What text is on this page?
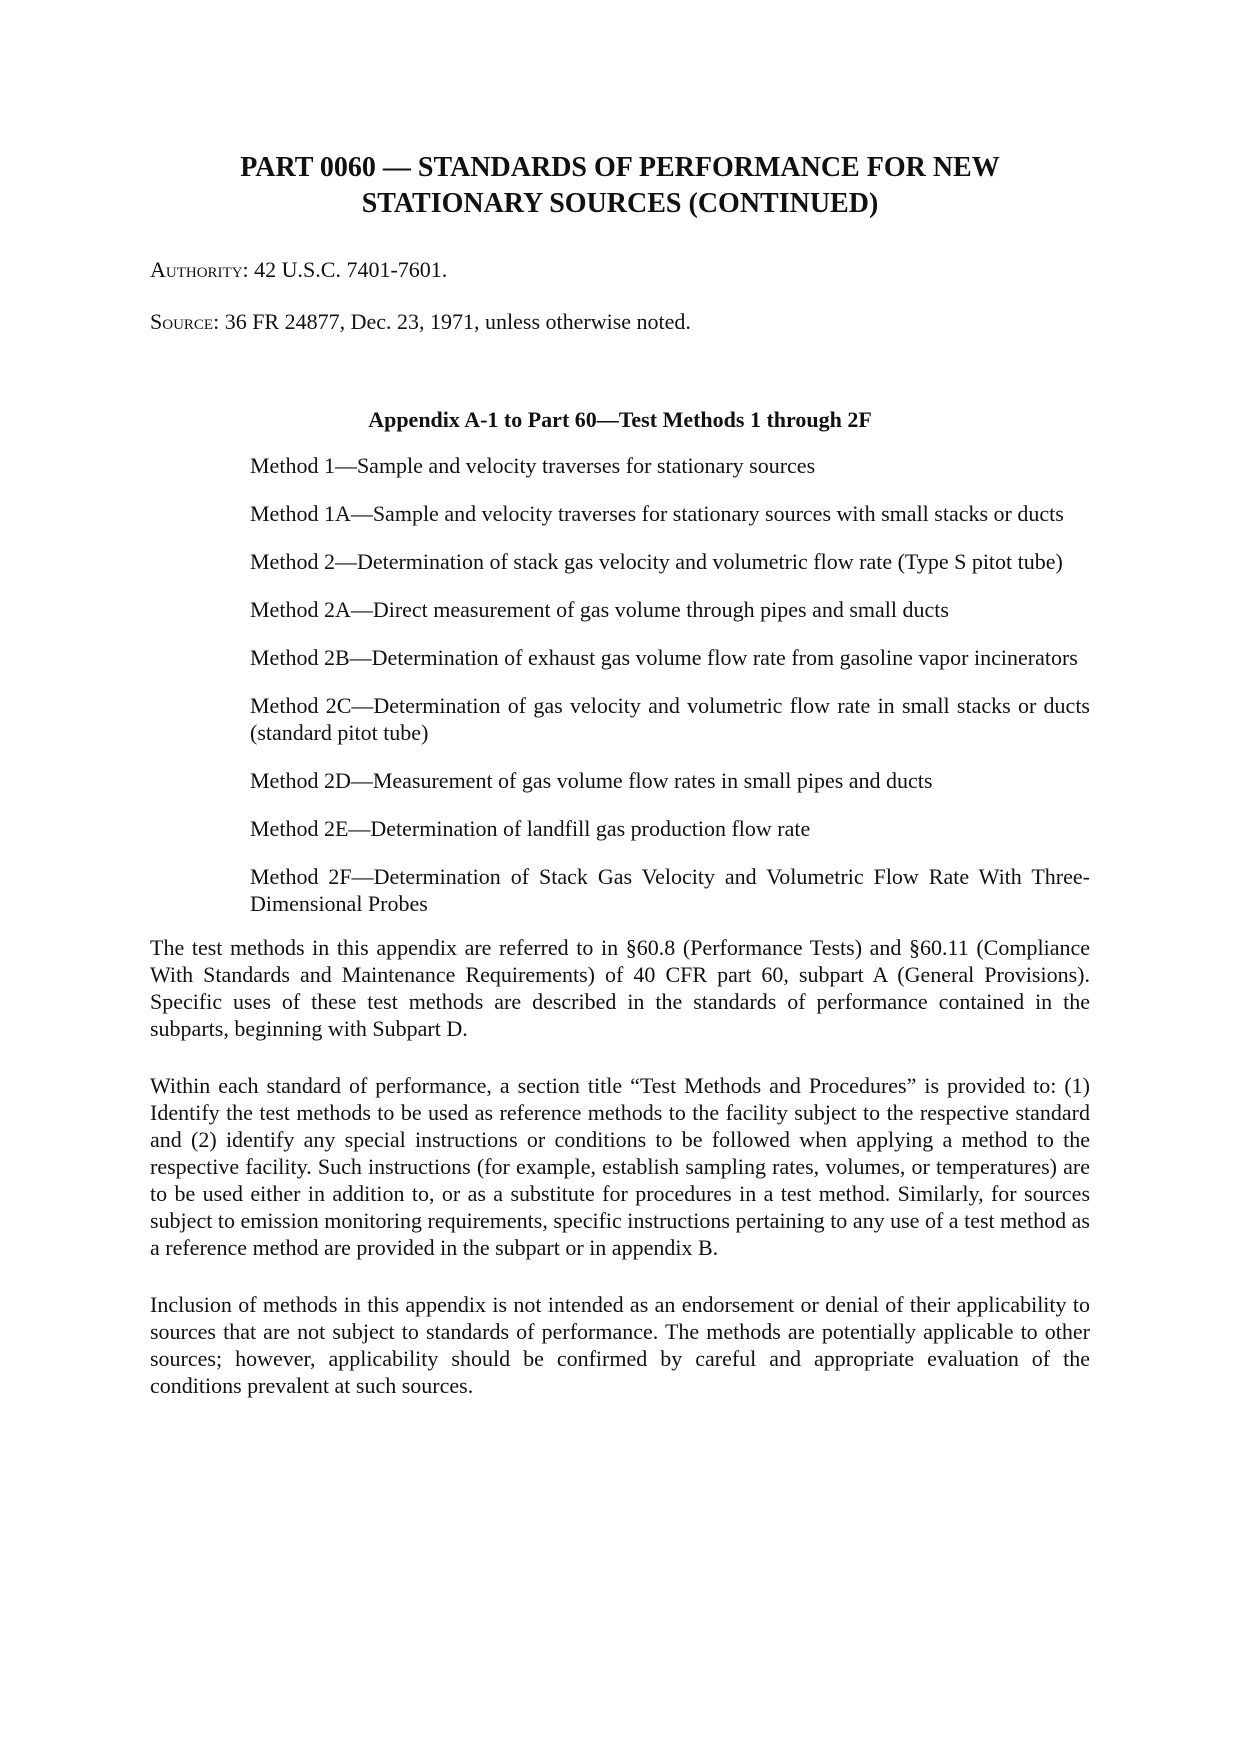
PART 0060 — STANDARDS OF PERFORMANCE FOR NEW STATIONARY SOURCES (CONTINUED)

Authority: 42 U.S.C. 7401-7601.

Source: 36 FR 24877, Dec. 23, 1971, unless otherwise noted.

Appendix A-1 to Part 60—Test Methods 1 through 2F
Method 1—Sample and velocity traverses for stationary sources
Method 1A—Sample and velocity traverses for stationary sources with small stacks or ducts
Method 2—Determination of stack gas velocity and volumetric flow rate (Type S pitot tube)
Method 2A—Direct measurement of gas volume through pipes and small ducts
Method 2B—Determination of exhaust gas volume flow rate from gasoline vapor incinerators
Method 2C—Determination of gas velocity and volumetric flow rate in small stacks or ducts (standard pitot tube)
Method 2D—Measurement of gas volume flow rates in small pipes and ducts
Method 2E—Determination of landfill gas production flow rate
Method 2F—Determination of Stack Gas Velocity and Volumetric Flow Rate With Three-Dimensional Probes

The test methods in this appendix are referred to in §60.8 (Performance Tests) and §60.11 (Compliance With Standards and Maintenance Requirements) of 40 CFR part 60, subpart A (General Provisions). Specific uses of these test methods are described in the standards of performance contained in the subparts, beginning with Subpart D.

Within each standard of performance, a section title “Test Methods and Procedures” is provided to: (1) Identify the test methods to be used as reference methods to the facility subject to the respective standard and (2) identify any special instructions or conditions to be followed when applying a method to the respective facility. Such instructions (for example, establish sampling rates, volumes, or temperatures) are to be used either in addition to, or as a substitute for procedures in a test method. Similarly, for sources subject to emission monitoring requirements, specific instructions pertaining to any use of a test method as a reference method are provided in the subpart or in appendix B.

Inclusion of methods in this appendix is not intended as an endorsement or denial of their applicability to sources that are not subject to standards of performance. The methods are potentially applicable to other sources; however, applicability should be confirmed by careful and appropriate evaluation of the conditions prevalent at such sources.
